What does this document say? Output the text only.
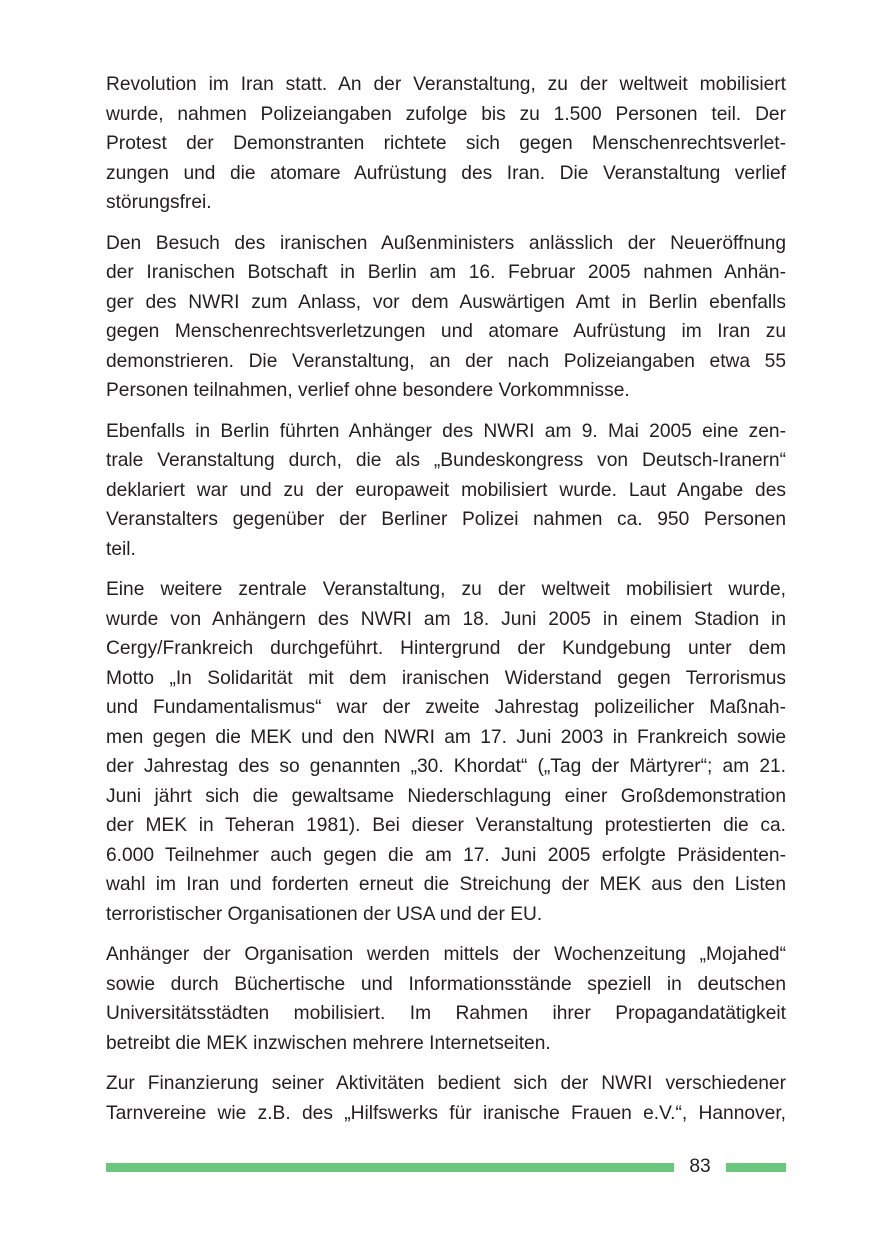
Revolution im Iran statt. An der Veranstaltung, zu der weltweit mobilisiert
wurde, nahmen Polizeiangaben zufolge bis zu 1.500 Personen teil. Der
Protest der Demonstranten richtete sich gegen Menschenrechtsverlet-
zungen und die atomare Aufrüstung des Iran. Die Veranstaltung verlief
störungsfrei.

Den Besuch des iranischen Außenministers anlässlich der Neueröffnung
der Iranischen Botschaft in Berlin am 16. Februar 2005 nahmen Anhän-
ger des NWRI zum Anlass, vor dem Auswärtigen Amt in Berlin ebenfalls
gegen Menschenrechtsverletzungen und atomare Aufrüstung im Iran zu
demonstrieren. Die Veranstaltung, an der nach Polizeiangaben etwa 55
Personen teilnahmen, verlief ohne besondere Vorkommnisse.

Ebenfalls in Berlin führten Anhänger des NWRI am 9. Mai 2005 eine zen-
trale Veranstaltung durch, die als „Bundeskongress von Deutsch-Iranern“
deklariert war und zu der europaweit mobilisiert wurde. Laut Angabe des
Veranstalters gegenüber der Berliner Polizei nahmen ca. 950 Personen
teil.

Eine weitere zentrale Veranstaltung, zu der weltweit mobilisiert wurde,
wurde von Anhängern des NWRI am 18. Juni 2005 in einem Stadion in
Cergy/Frankreich durchgeführt. Hintergrund der Kundgebung unter dem
Motto „In Solidarität mit dem iranischen Widerstand gegen Terrorismus
und Fundamentalismus“ war der zweite Jahrestag polizeilicher Maßnah-
men gegen die MEK und den NWRI am 17. Juni 2003 in Frankreich sowie
der Jahrestag des so genannten „30. Khordat“ („Tag der Märtyrer“; am 21.
Juni jährt sich die gewaltsame Niederschlagung einer Großdemonstration
der MEK in Teheran 1981). Bei dieser Veranstaltung protestierten die ca.
6.000 Teilnehmer auch gegen die am 17. Juni 2005 erfolgte Präsidenten-
wahl im Iran und forderten erneut die Streichung der MEK aus den Listen
terroristischer Organisationen der USA und der EU.

Anhänger der Organisation werden mittels der Wochenzeitung „Mojahed“
sowie durch Büchertische und Informationsstände speziell in deutschen
Universitätsstädten mobilisiert. Im Rahmen ihrer Propagandatätigkeit
betreibt die MEK inzwischen mehrere Internetseiten.

Zur Finanzierung seiner Aktivitäten bedient sich der NWRI verschiedener
Tarnvereine wie z.B. des „Hilfswerks für iranische Frauen e.V.“, Hannover,

83
